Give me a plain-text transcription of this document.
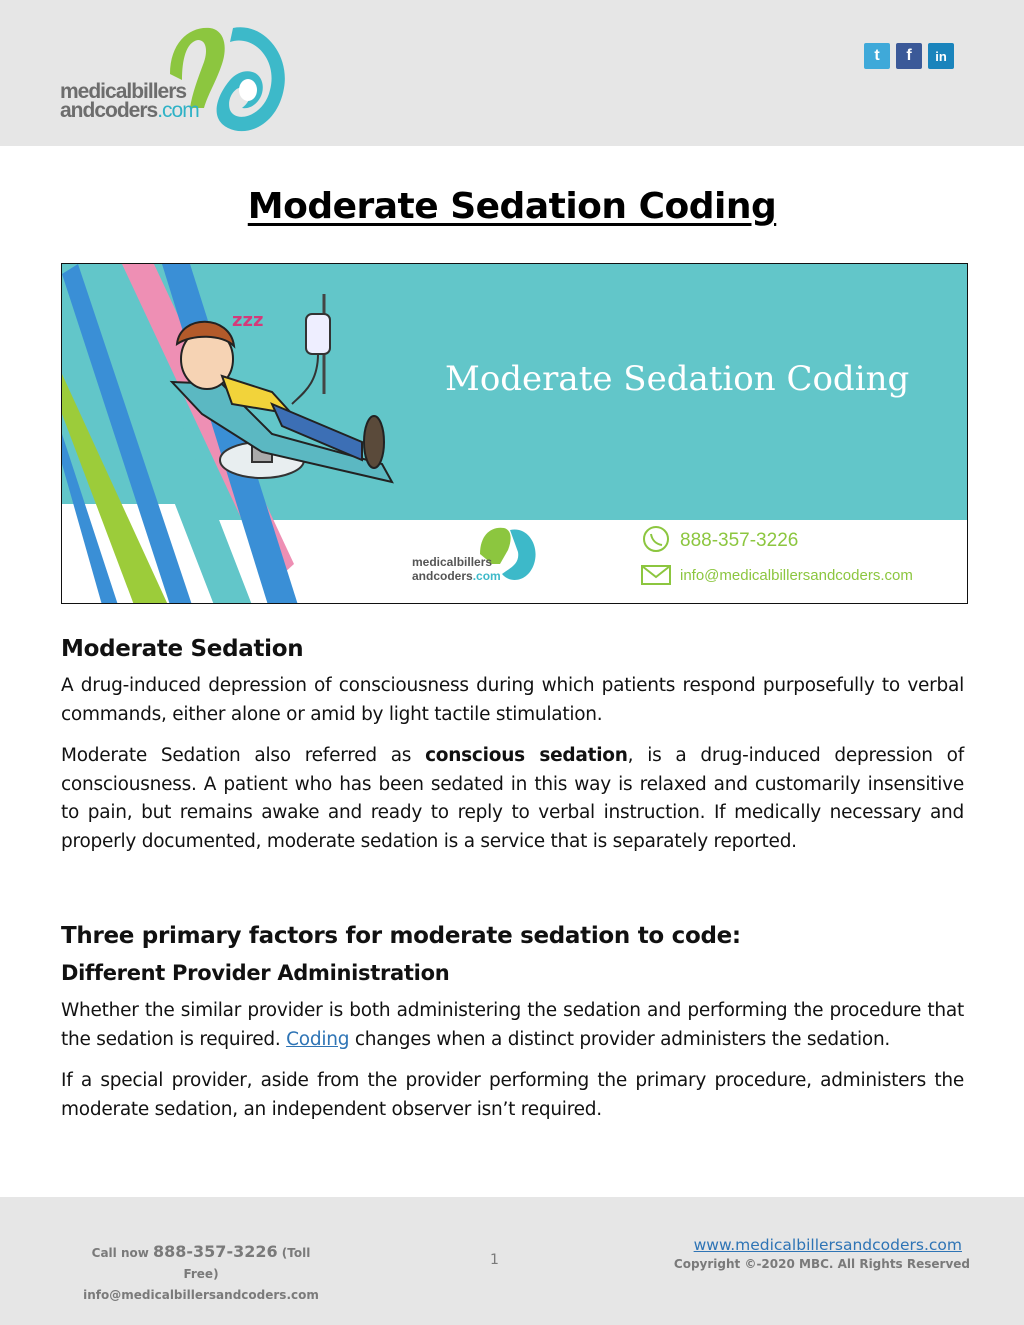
medicalbillers
andcoders.com
t	f	in
Moderate Sedation Coding
zzz
Moderate Sedation Coding
medicalbillers
andcoders.com
888-357-3226
info@medicalbillersandcoders.com
Moderate Sedation

A drug-induced depression of consciousness during which patients respond purposefully to verbal commands, either alone or amid by light tactile stimulation.

Moderate Sedation also referred as conscious sedation, is a drug-induced depression of consciousness. A patient who has been sedated in this way is relaxed and customarily insensitive to pain, but remains awake and ready to reply to verbal instruction. If medically necessary and properly documented, moderate sedation is a service that is separately reported.

Three primary factors for moderate sedation to code:
Different Provider Administration

Whether the similar provider is both administering the sedation and performing the procedure that the sedation is required. Coding changes when a distinct provider administers the sedation.

If a special provider, aside from the provider performing the primary procedure, administers the moderate sedation, an independent observer isn’t required.

Call now 888-357-3226 (Toll Free)
info@medicalbillersandcoders.com
1
www.medicalbillersandcoders.com
Copyright ©-2020 MBC. All Rights Reserved
